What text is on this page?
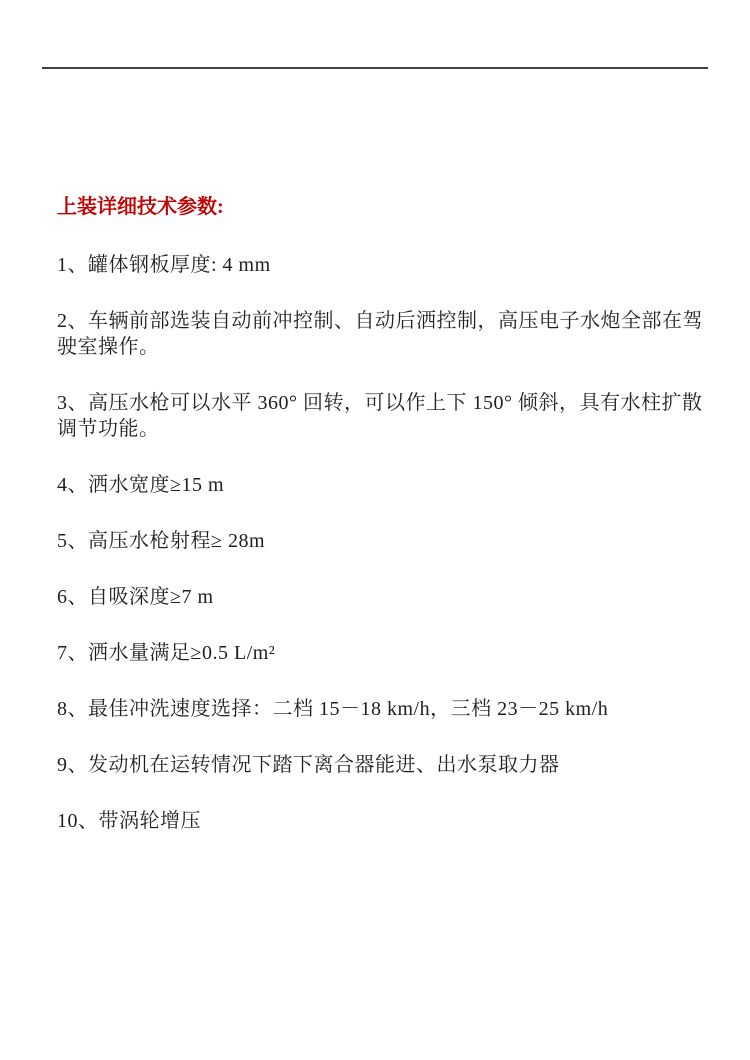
上装详细技术参数:
1、罐体钢板厚度: 4 mm
2、车辆前部选装自动前冲控制、自动后洒控制，高压电子水炮全部在驾驶室操作。
3、高压水枪可以水平 360° 回转，可以作上下 150° 倾斜，具有水柱扩散调节功能。
4、洒水宽度≥15 m
5、高压水枪射程≥ 28m
6、自吸深度≥7 m
7、洒水量满足≥0.5 L/m²
8、最佳冲洗速度选择：二档 15－18 km/h，三档 23－25 km/h
9、发动机在运转情况下踏下离合器能进、出水泵取力器
10、带涡轮增压
